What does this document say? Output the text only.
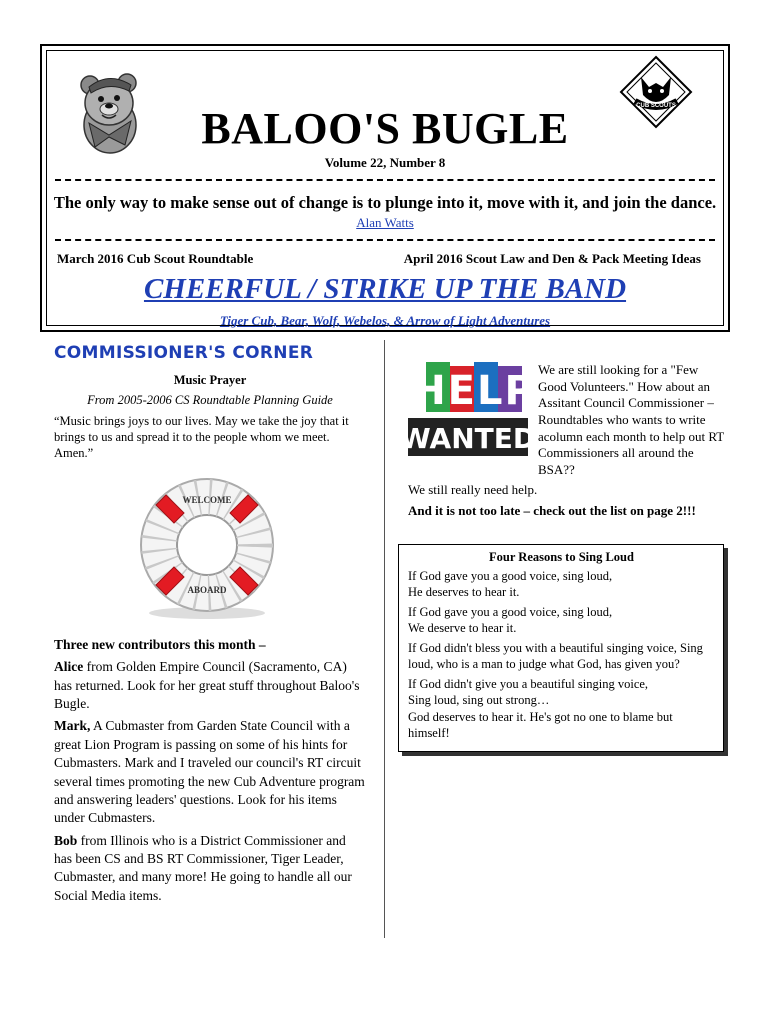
CUB SCOUTS
BALOO'S BUGLE
Volume 22, Number 8
The only way to make sense out of change is to plunge into it, move with it, and join the dance.
Alan Watts
March 2016 Cub Scout Roundtable	April 2016 Scout Law and Den & Pack Meeting Ideas
CHEERFUL / STRIKE UP THE BAND
Tiger Cub, Bear, Wolf, Webelos, & Arrow of Light Adventures
COMMISSIONER'S CORNER

Music Prayer

From 2005-2006 CS Roundtable Planning Guide

“Music brings joys to our lives. May we take the joy that it brings to us and spread it to the people whom we meet. Amen.”

WELCOME
ABOARD

Three new contributors this month –

Alice from Golden Empire Council (Sacramento, CA) has returned. Look for her great stuff throughout Baloo's Bugle.

Mark, A Cubmaster from Garden State Council with a great Lion Program is passing on some of his hints for Cubmasters. Mark and I traveled our council's RT circuit several times promoting the new Cub Adventure program and answering leaders' questions. Look for his items under Cubmasters.

Bob from Illinois who is a District Commissioner and has been CS and BS RT Commissioner, Tiger Leader, Cubmaster, and many more! He going to handle all our Social Media items.

HELP
WANTED

We are still looking for a "Few Good Volunteers." How about an Assitant Council Commissioner – Roundtables who wants to write acolumn each month to help out RT Commissioners all around the BSA??

We still really need help.

And it is not too late – check out the list on page 2!!!

Four Reasons to Sing Loud

If God gave you a good voice, sing loud,
He deserves to hear it.

If God gave you a good voice, sing loud,
We deserve to hear it.

If God didn't bless you with a beautiful singing voice, Sing loud, who is a man to judge what God, has given you?

If God didn't give you a beautiful singing voice,
Sing loud, sing out strong…

God deserves to hear it. He's got no one to blame but himself!
